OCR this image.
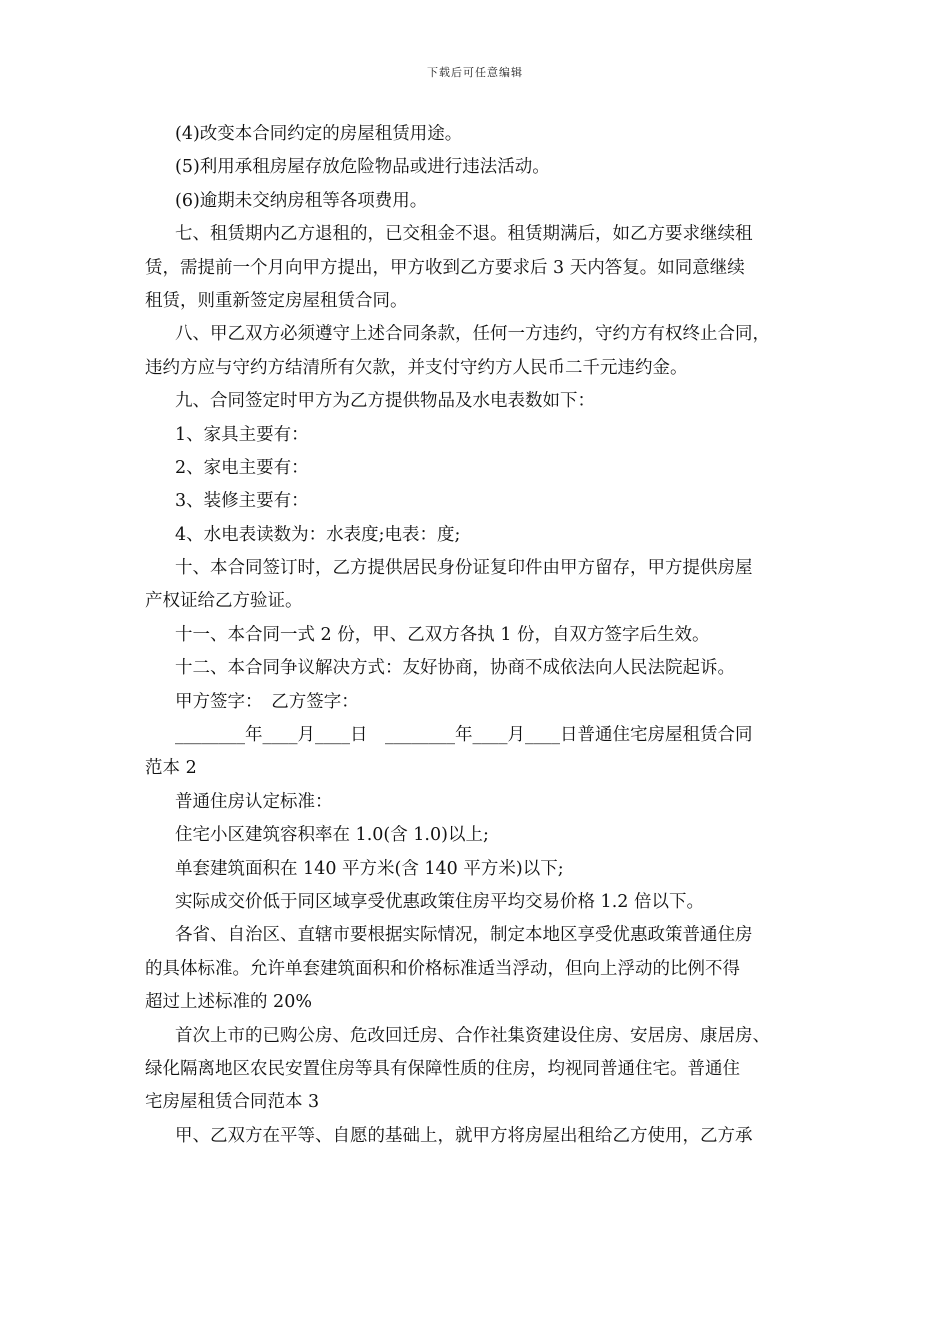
下载后可任意编辑
(4)改变本合同约定的房屋租赁用途。
(5)利用承租房屋存放危险物品或进行违法活动。
(6)逾期未交纳房租等各项费用。
七、租赁期内乙方退租的，已交租金不退。租赁期满后，如乙方要求继续租
赁，需提前一个月向甲方提出，甲方收到乙方要求后 3 天内答复。如同意继续
租赁，则重新签定房屋租赁合同。
八、甲乙双方必须遵守上述合同条款，任何一方违约，守约方有权终止合同，
违约方应与守约方结清所有欠款，并支付守约方人民币二千元违约金。
九、合同签定时甲方为乙方提供物品及水电表数如下：
1、家具主要有：
2、家电主要有：
3、装修主要有：
4、水电表读数为：水表度;电表：度;
十、本合同签订时，乙方提供居民身份证复印件由甲方留存，甲方提供房屋
产权证给乙方验证。
十一、本合同一式 2 份，甲、乙双方各执 1 份，自双方签字后生效。
十二、本合同争议解决方式：友好协商，协商不成依法向人民法院起诉。
甲方签字：　乙方签字：
________年____月____日　________年____月____日普通住宅房屋租赁合同
范本 2
普通住房认定标准：
住宅小区建筑容积率在 1.0(含 1.0)以上;
单套建筑面积在 140 平方米(含 140 平方米)以下;
实际成交价低于同区域享受优惠政策住房平均交易价格 1.2 倍以下。
各省、自治区、直辖市要根据实际情况，制定本地区享受优惠政策普通住房
的具体标准。允许单套建筑面积和价格标准适当浮动，但向上浮动的比例不得
超过上述标准的 20%
首次上市的已购公房、危改回迁房、合作社集资建设住房、安居房、康居房、
绿化隔离地区农民安置住房等具有保障性质的住房，均视同普通住宅。普通住
宅房屋租赁合同范本 3
甲、乙双方在平等、自愿的基础上，就甲方将房屋出租给乙方使用，乙方承
